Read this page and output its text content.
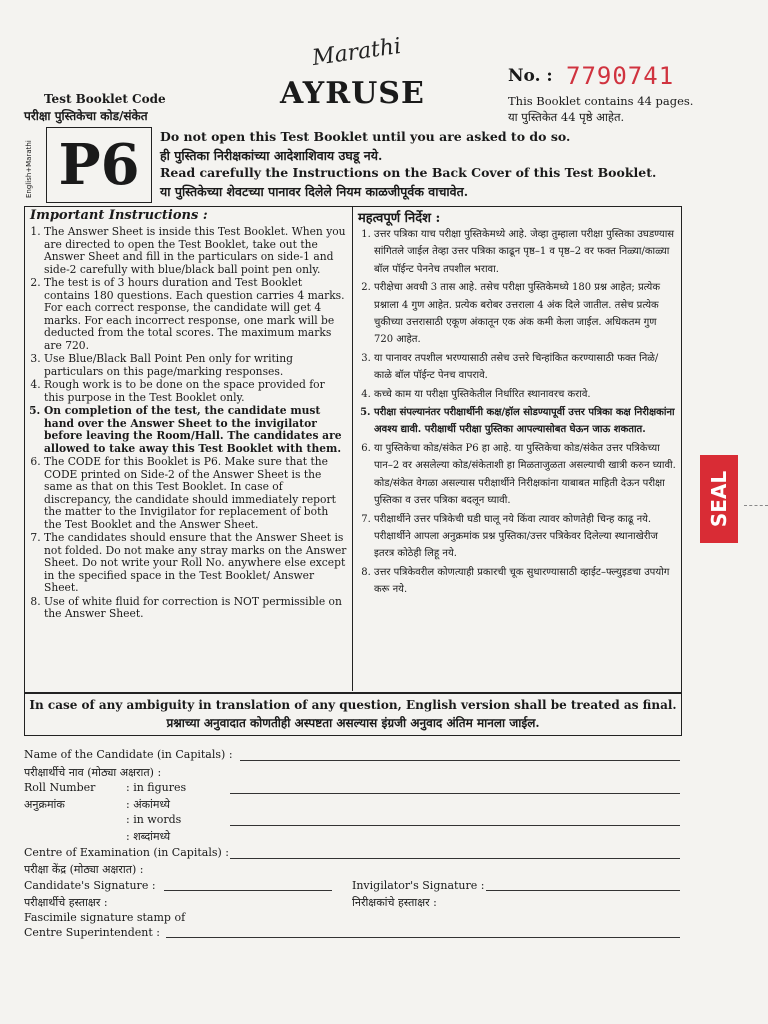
Marathi
Test Booklet Code
परीक्षा पुस्तिकेचा कोड/संकेत
AYRUSE	No. : 7790741
This Booklet contains 44 pages.
या पुस्तिकेत 44 पृष्ठे आहेत.
English+Marathi P6	Do not open this Test Booklet until you are asked to do so.
ही पुस्तिका निरीक्षकांच्या आदेशाशिवाय उघडू नये.
Read carefully the Instructions on the Back Cover of this Test Booklet.
या पुस्तिकेच्या शेवटच्या पानावर दिलेले नियम काळजीपूर्वक वाचावेत.
Important Instructions :	महत्वपूर्ण निर्देश :
1. The Answer Sheet is inside this Test Booklet. When you are directed to open the Test Booklet, take out the Answer Sheet and fill in the particulars on side-1 and side-2 carefully with blue/black ball point pen only.
2. The test is of 3 hours duration and Test Booklet contains 180 questions. Each question carries 4 marks. For each correct response, the candidate will get 4 marks. For each incorrect response, one mark will be deducted from the total scores. The maximum marks are 720.
3. Use Blue/Black Ball Point Pen only for writing particulars on this page/marking responses.
4. Rough work is to be done on the space provided for this purpose in the Test Booklet only.
5. On completion of the test, the candidate must hand over the Answer Sheet to the invigilator before leaving the Room/Hall. The candidates are allowed to take away this Test Booklet with them.
6. The CODE for this Booklet is P6. Make sure that the CODE printed on Side-2 of the Answer Sheet is the same as that on this Test Booklet. In case of discrepancy, the candidate should immediately report the matter to the Invigilator for replacement of both the Test Booklet and the Answer Sheet.
7. The candidates should ensure that the Answer Sheet is not folded. Do not make any stray marks on the Answer Sheet. Do not write your Roll No. anywhere else except in the specified space in the Test Booklet/ Answer Sheet.
8. Use of white fluid for correction is NOT permissible on the Answer Sheet.
1. उत्तर पत्रिका याच परीक्षा पुस्तिकेमध्ये आहे. जेव्हा तुम्हाला परीक्षा पुस्तिका उघडण्यास सांगितले जाईल तेव्हा उत्तर पत्रिका काढून पृष्ठ–1 व पृष्ठ–2 वर फक्त निळ्या/काळ्या बॉल पॉईन्ट पेननेच तपशील भरावा.
2. परीक्षेचा अवधी 3 तास आहे. तसेच परीक्षा पुस्तिकेमध्ये 180 प्रश्न आहेत; प्रत्येक प्रश्नाला 4 गुण आहेत. प्रत्येक बरोबर उत्तराला 4 अंक दिले जातील. तसेच प्रत्येक चुकीच्या उत्तरासाठी एकूण अंकातून एक अंक कमी केला जाईल. अधिकतम गुण 720 आहेत.
3. या पानावर तपशील भरण्यासाठी तसेच उत्तरे चिन्हांकित करण्यासाठी फक्त निळे/काळे बॉल पॉईन्ट पेनच वापरावे.
4. कच्चे काम या परीक्षा पुस्तिकेतील निर्धारित स्थानावरच करावे.
5. परीक्षा संपल्यानंतर परीक्षार्थीनी कक्ष/हॉल सोडण्यापूर्वी उत्तर पत्रिका कक्ष निरीक्षकांना अवश्य द्यावी. परीक्षार्थी परीक्षा पुस्तिका आपल्यासोबत घेऊन जाऊ शकतात.
6. या पुस्तिकेचा कोड/संकेत P6 हा आहे. या पुस्तिकेचा कोड/संकेत उत्तर पत्रिकेच्या पान–2 वर असलेल्या कोड/संकेताशी हा मिळताजुळता असल्याची खात्री करुन घ्यावी. कोड/संकेत वेगळा असल्यास परीक्षार्थीने निरीक्षकांना याबाबत माहिती देऊन परीक्षा पुस्तिका व उत्तर पत्रिका बदलून घ्यावी.
7. परीक्षार्थीने उत्तर पत्रिकेची घडी घालू नये किंवा त्यावर कोणतेही चिन्ह काढू नये. परीक्षार्थीने आपला अनुक्रमांक प्रश्न पुस्तिका/उत्तर पत्रिकेवर दिलेल्या स्थानाखेरीज इतरत्र कोठेही लिहू नये.
8. उत्तर पत्रिकेवरील कोणत्याही प्रकारची चूक सुधारण्यासाठी व्हाईट–फ्ल्युइडचा उपयोग करू नये.
In case of any ambiguity in translation of any question, English version shall be treated as final.
प्रश्नाच्या अनुवादात कोणतीही अस्पष्टता असल्यास इंग्रजी अनुवाद अंतिम मानला जाईल.
Name of the Candidate (in Capitals) :
परीक्षार्थीचे नाव (मोठ्या अक्षरात) :
Roll Number	: in figures
अनुक्रमांक	: अंकांमध्ये
: in words
: शब्दांमध्ये
Centre of Examination (in Capitals) :
परीक्षा केंद्र (मोठ्या अक्षरात) :
Candidate's Signature :
परीक्षार्थीचे हस्ताक्षर :
Invigilator's Signature :
निरीक्षकांचे हस्ताक्षर :
Fascimile signature stamp of
Centre Superintendent :
SEAL
